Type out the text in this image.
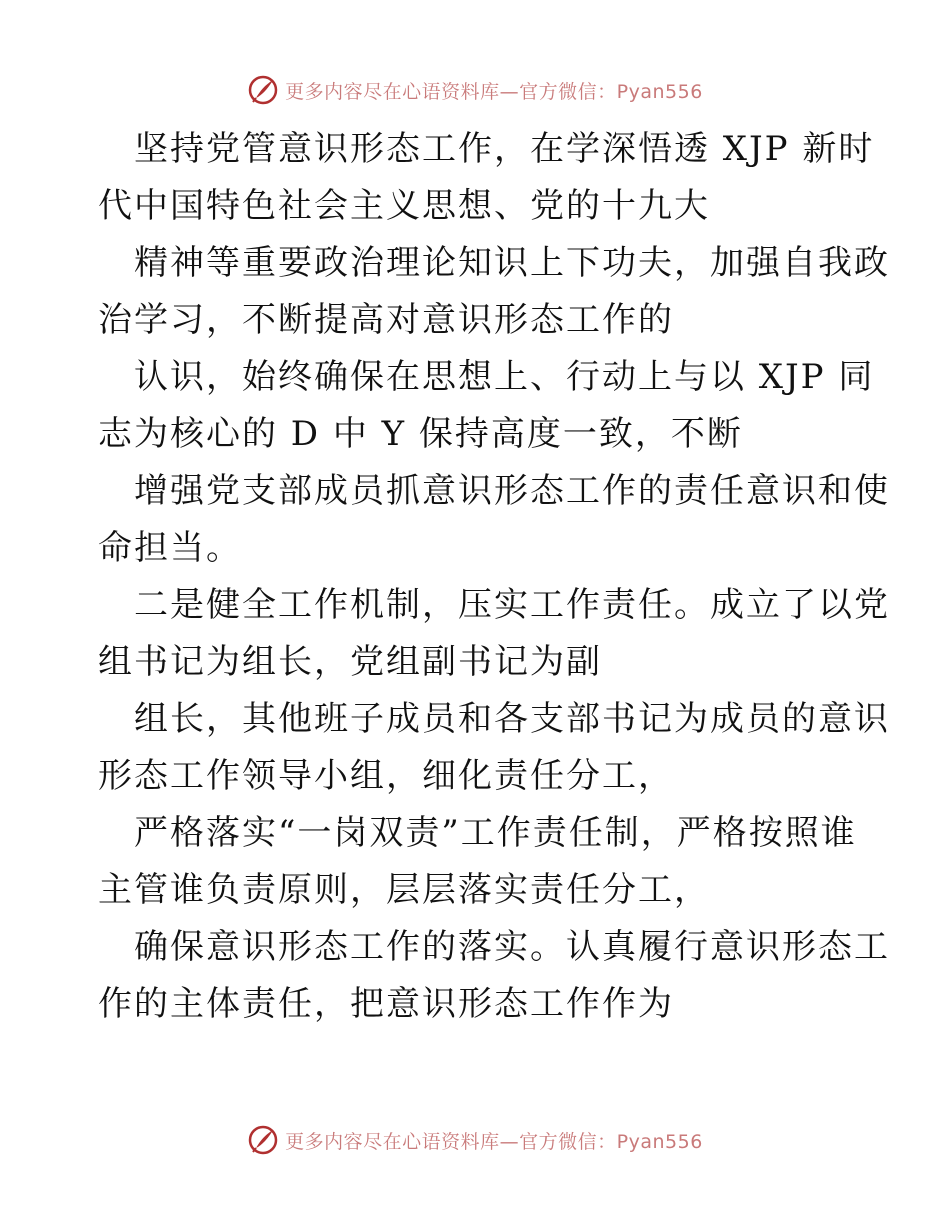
更多内容尽在心语资料库—官方微信：Pyan556
坚持党管意识形态工作，在学深悟透 XJP 新时
代中国特色社会主义思想、党的十九大
精神等重要政治理论知识上下功夫，加强自我政
治学习，不断提高对意识形态工作的
认识，始终确保在思想上、行动上与以 XJP 同
志为核心的 D 中 Y 保持高度一致，不断
增强党支部成员抓意识形态工作的责任意识和使
命担当。
二是健全工作机制，压实工作责任。成立了以党
组书记为组长，党组副书记为副
组长，其他班子成员和各支部书记为成员的意识
形态工作领导小组，细化责任分工，
严格落实“一岗双责”工作责任制，严格按照谁
主管谁负责原则，层层落实责任分工，
确保意识形态工作的落实。认真履行意识形态工
作的主体责任，把意识形态工作作为
更多内容尽在心语资料库—官方微信：Pyan556
